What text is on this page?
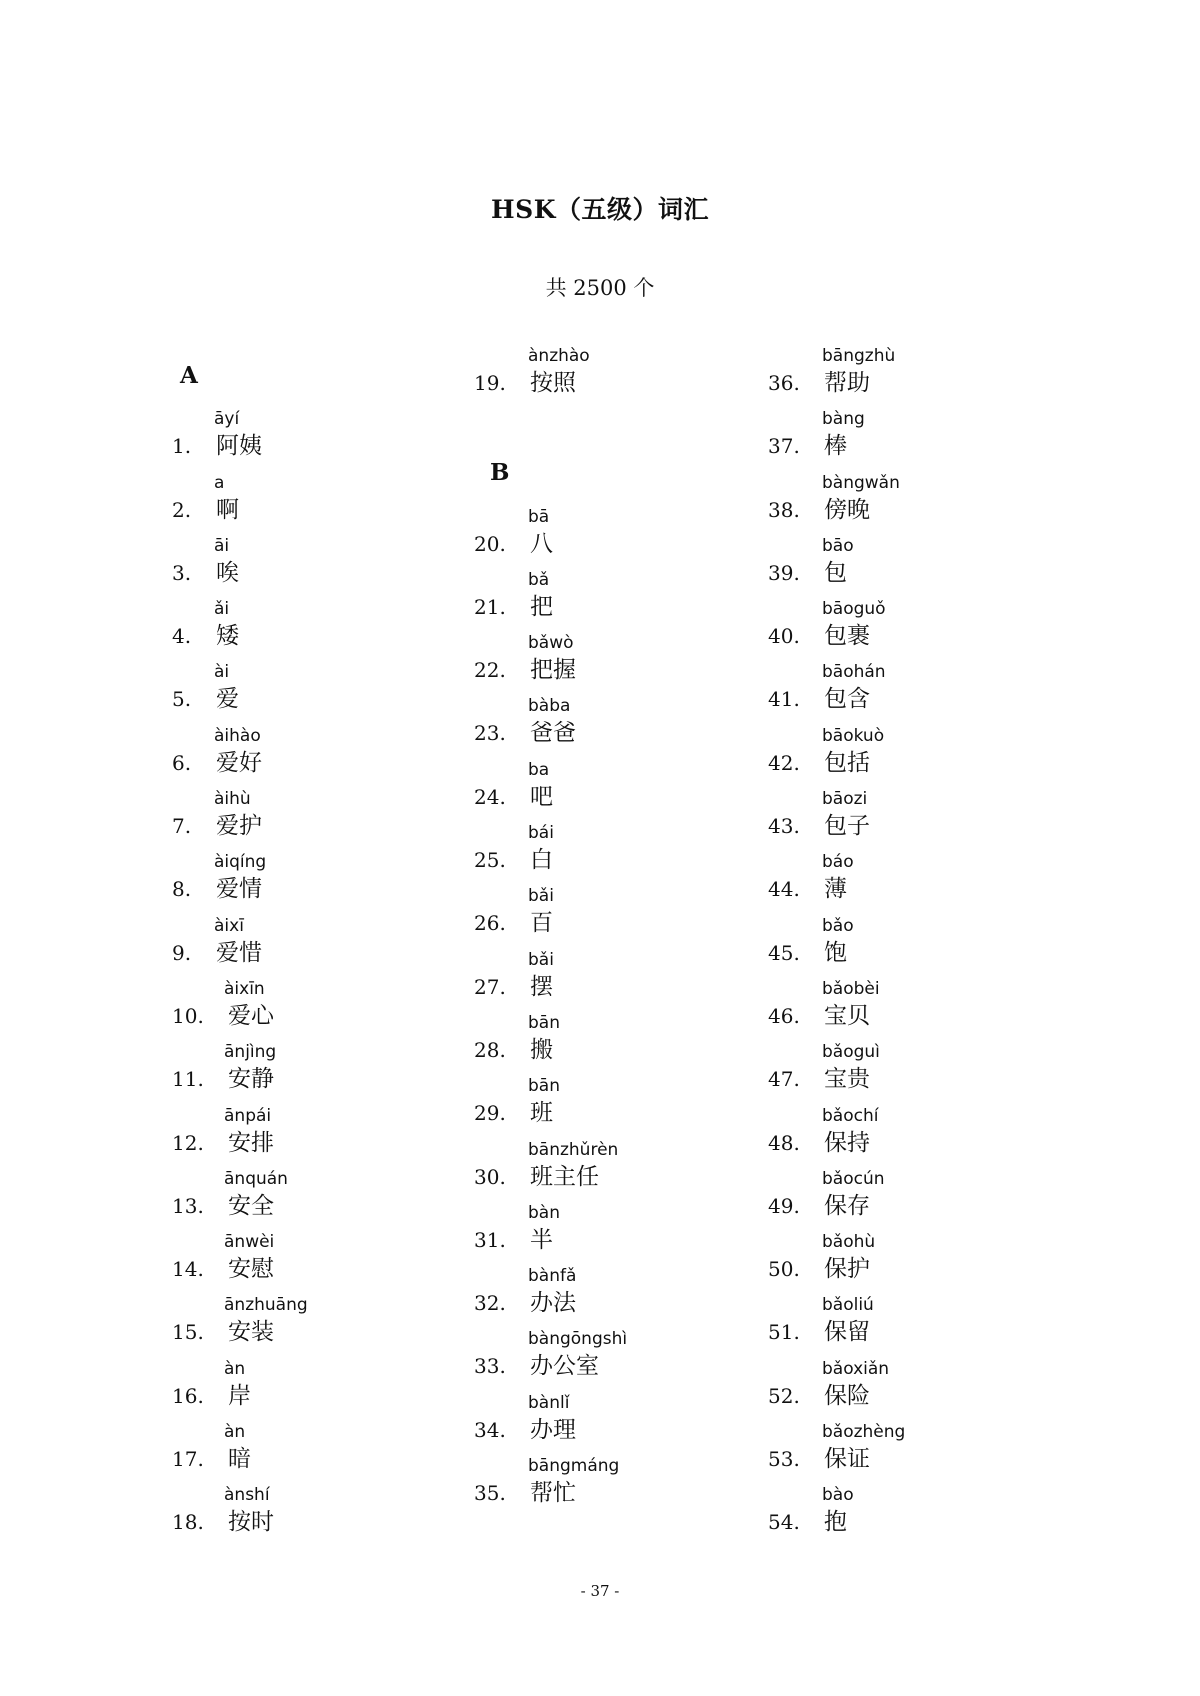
HSK（五级）词汇
共 2500 个
A
āyí
1. 阿姨
a
2. 啊
āi
3. 唉
ǎi
4. 矮
ài
5. 爱
àihào
6. 爱好
àihù
7. 爱护
àiqíng
8. 爱情
àixī
9. 爱惜
àixīn
10. 爱心
ānjìng
11. 安静
ānpái
12. 安排
ānquán
13. 安全
ānwèi
14. 安慰
ānzhuāng
15. 安装
àn
16. 岸
àn
17. 暗
ànshí
18. 按时
ànzhào
19. 按照
B
bā
20. 八
bǎ
21. 把
bǎwò
22. 把握
bàba
23. 爸爸
ba
24. 吧
bái
25. 白
bǎi
26. 百
bǎi
27. 摆
bān
28. 搬
bān
29. 班
bānzhǔrèn
30. 班主任
bàn
31. 半
bànfǎ
32. 办法
bàngōngshì
33. 办公室
bànlǐ
34. 办理
bāngmáng
35. 帮忙
bāngzhù
36. 帮助
bàng
37. 棒
bàngwǎn
38. 傍晚
bāo
39. 包
bāoguǒ
40. 包裹
bāohán
41. 包含
bāokuò
42. 包括
bāozi
43. 包子
báo
44. 薄
bǎo
45. 饱
bǎobèi
46. 宝贝
bǎoguì
47. 宝贵
bǎochí
48. 保持
bǎocún
49. 保存
bǎohù
50. 保护
bǎoliú
51. 保留
bǎoxiǎn
52. 保险
bǎozhèng
53. 保证
bào
54. 抱
- 37 -
